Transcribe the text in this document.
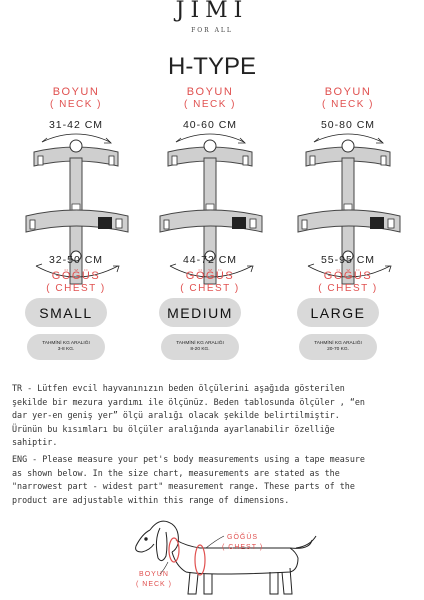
JIMI
FOR ALL
H-TYPE
BOYUN
( NECK )
31-42 CM
32-50 CM
GÖĞÜS
( CHEST )
SMALL
TAHMİNİ KG ARALIĞI
3-8 KG.
BOYUN
( NECK )
40-60 CM
44-72 CM
GÖĞÜS
( CHEST )
MEDIUM
TAHMİNİ KG ARALIĞI
8-20 KG.
BOYUN
( NECK )
50-80 CM
55-95 CM
GÖĞÜS
( CHEST )
LARGE
TAHMİNİ KG ARALIĞI
20-70 KG.
TR - Lütfen evcil hayvanınızın beden ölçülerini aşağıda gösterilen
şekilde bir mezura yardımı ile ölçünüz. Beden tablosunda ölçüler , “en
dar yer-en geniş yer” ölçü aralığı olacak şekilde belirtilmiştir.
Ürünün bu kısımları bu ölçüler aralığında ayarlanabilir özelliğe
sahiptir.
ENG - Please measure your pet's body measurements using a tape measure
as shown below. In the size chart, measurements are stated as the
"narrowest part - widest part" measurement range. These parts of the
product are adjustable within this range of dimensions.
GÖĞÜS
( CHEST )
BOYUN
( NECK )
